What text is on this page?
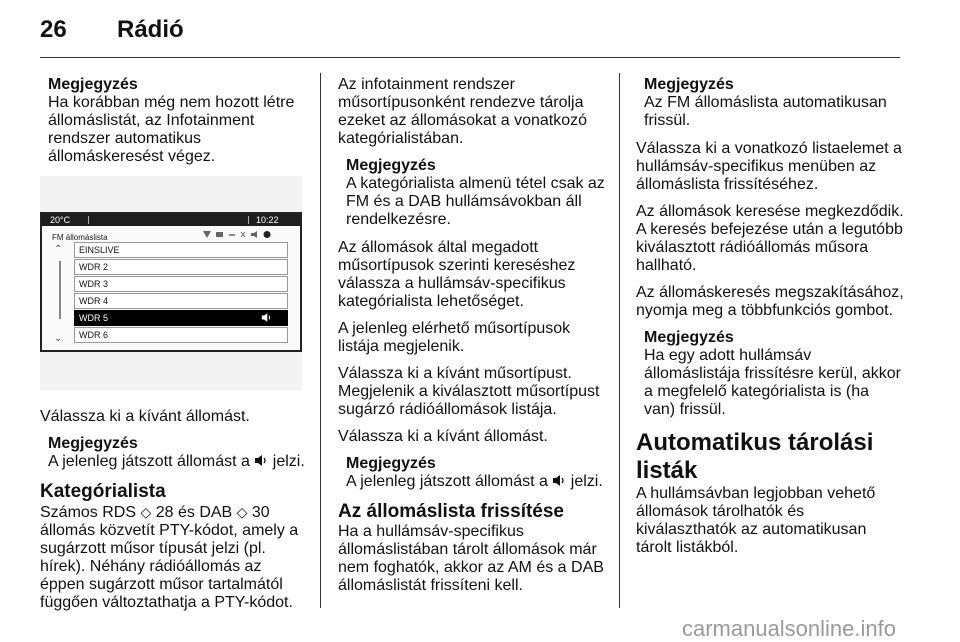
26 Rádió
Megjegyzés

Ha korábban még nem hozott létre állomáslistát, az Infotainment rendszer automatikus állomáskeresést végez.

20°C	10:22
FM állomáslista
⌃
⌄
EINSLIVE
WDR 2
WDR 3
WDR 4
WDR 5
WDR 6

Válassza ki a kívánt állomást.

Megjegyzés

A jelenleg játszott állomást a jelzi.

Kategórialista

Számos RDS ◇ 28 és DAB ◇ 30 állomás közvetít PTY-kódot, amely a sugárzott műsor típusát jelzi (pl. hírek). Néhány rádióállomás az éppen sugárzott műsor tartalmától függően változtathatja a PTY-kódot.

Az infotainment rendszer műsortípusonként rendezve tárolja ezeket az állomásokat a vonatkozó kategórialistában.

Megjegyzés

A kategórialista almenü tétel csak az FM és a DAB hullámsávokban áll rendelkezésre.

Az állomások által megadott műsortípusok szerinti kereséshez válassza a hullámsáv-specifikus kategórialista lehetőséget.

A jelenleg elérhető műsortípusok listája megjelenik.

Válassza ki a kívánt műsortípust. Megjelenik a kiválasztott műsortípust sugárzó rádióállomások listája.

Válassza ki a kívánt állomást.

Megjegyzés

A jelenleg játszott állomást a jelzi.

Az állomáslista frissítése

Ha a hullámsáv-specifikus állomáslistában tárolt állomások már nem foghatók, akkor az AM és a DAB állomáslistát frissíteni kell.

Megjegyzés

Az FM állomáslista automatikusan frissül.

Válassza ki a vonatkozó listaelemet a hullámsáv-specifikus menüben az állomáslista frissítéséhez.

Az állomások keresése megkezdődik. A keresés befejezése után a legutóbb kiválasztott rádióállomás műsora hallható.

Az állomáskeresés megszakításához, nyomja meg a többfunkciós gombot.

Megjegyzés

Ha egy adott hullámsáv állomáslistája frissítésre kerül, akkor a megfelelő kategórialista is (ha van) frissül.

Automatikus tárolási listák

A hullámsávban legjobban vehető állomások tárolhatók és kiválaszthatók az automatikusan tárolt listákból.

carmanualsonline.info
